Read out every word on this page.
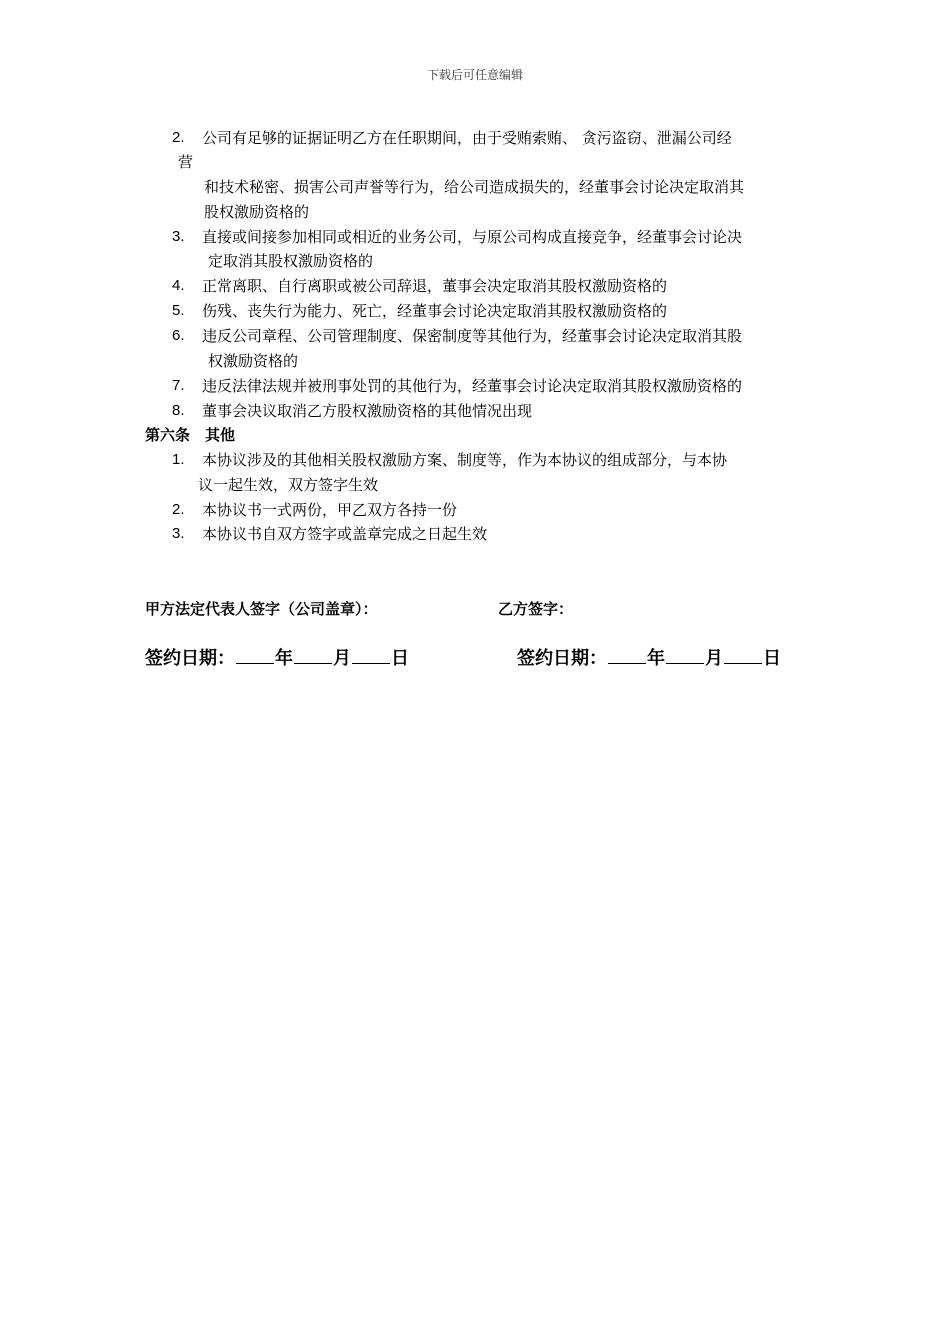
下载后可任意编辑
2. 公司有足够的证据证明乙方在任职期间，由于受贿索贿、 贪污盗窃、泄漏公司经
营
和技术秘密、损害公司声誉等行为，给公司造成损失的，经董事会讨论决定取消其
股权激励资格的
3. 直接或间接参加相同或相近的业务公司，与原公司构成直接竞争，经董事会讨论决
定取消其股权激励资格的
4. 正常离职、自行离职或被公司辞退，董事会决定取消其股权激励资格的
5. 伤残、丧失行为能力、死亡，经董事会讨论决定取消其股权激励资格的
6. 违反公司章程、公司管理制度、保密制度等其他行为，经董事会讨论决定取消其股
权激励资格的
7. 违反法律法规并被刑事处罚的其他行为，经董事会讨论决定取消其股权激励资格的
8. 董事会决议取消乙方股权激励资格的其他情况出现
第六条　其他
1. 本协议涉及的其他相关股权激励方案、制度等，作为本协议的组成部分，与本协
议一起生效，双方签字生效
2. 本协议书一式两份，甲乙双方各持一份
3. 本协议书自双方签字或盖章完成之日起生效
甲方法定代表人签字（公司盖章）：	乙方签字：
签约日期： 年 月 日	签约日期： 年 月 日
